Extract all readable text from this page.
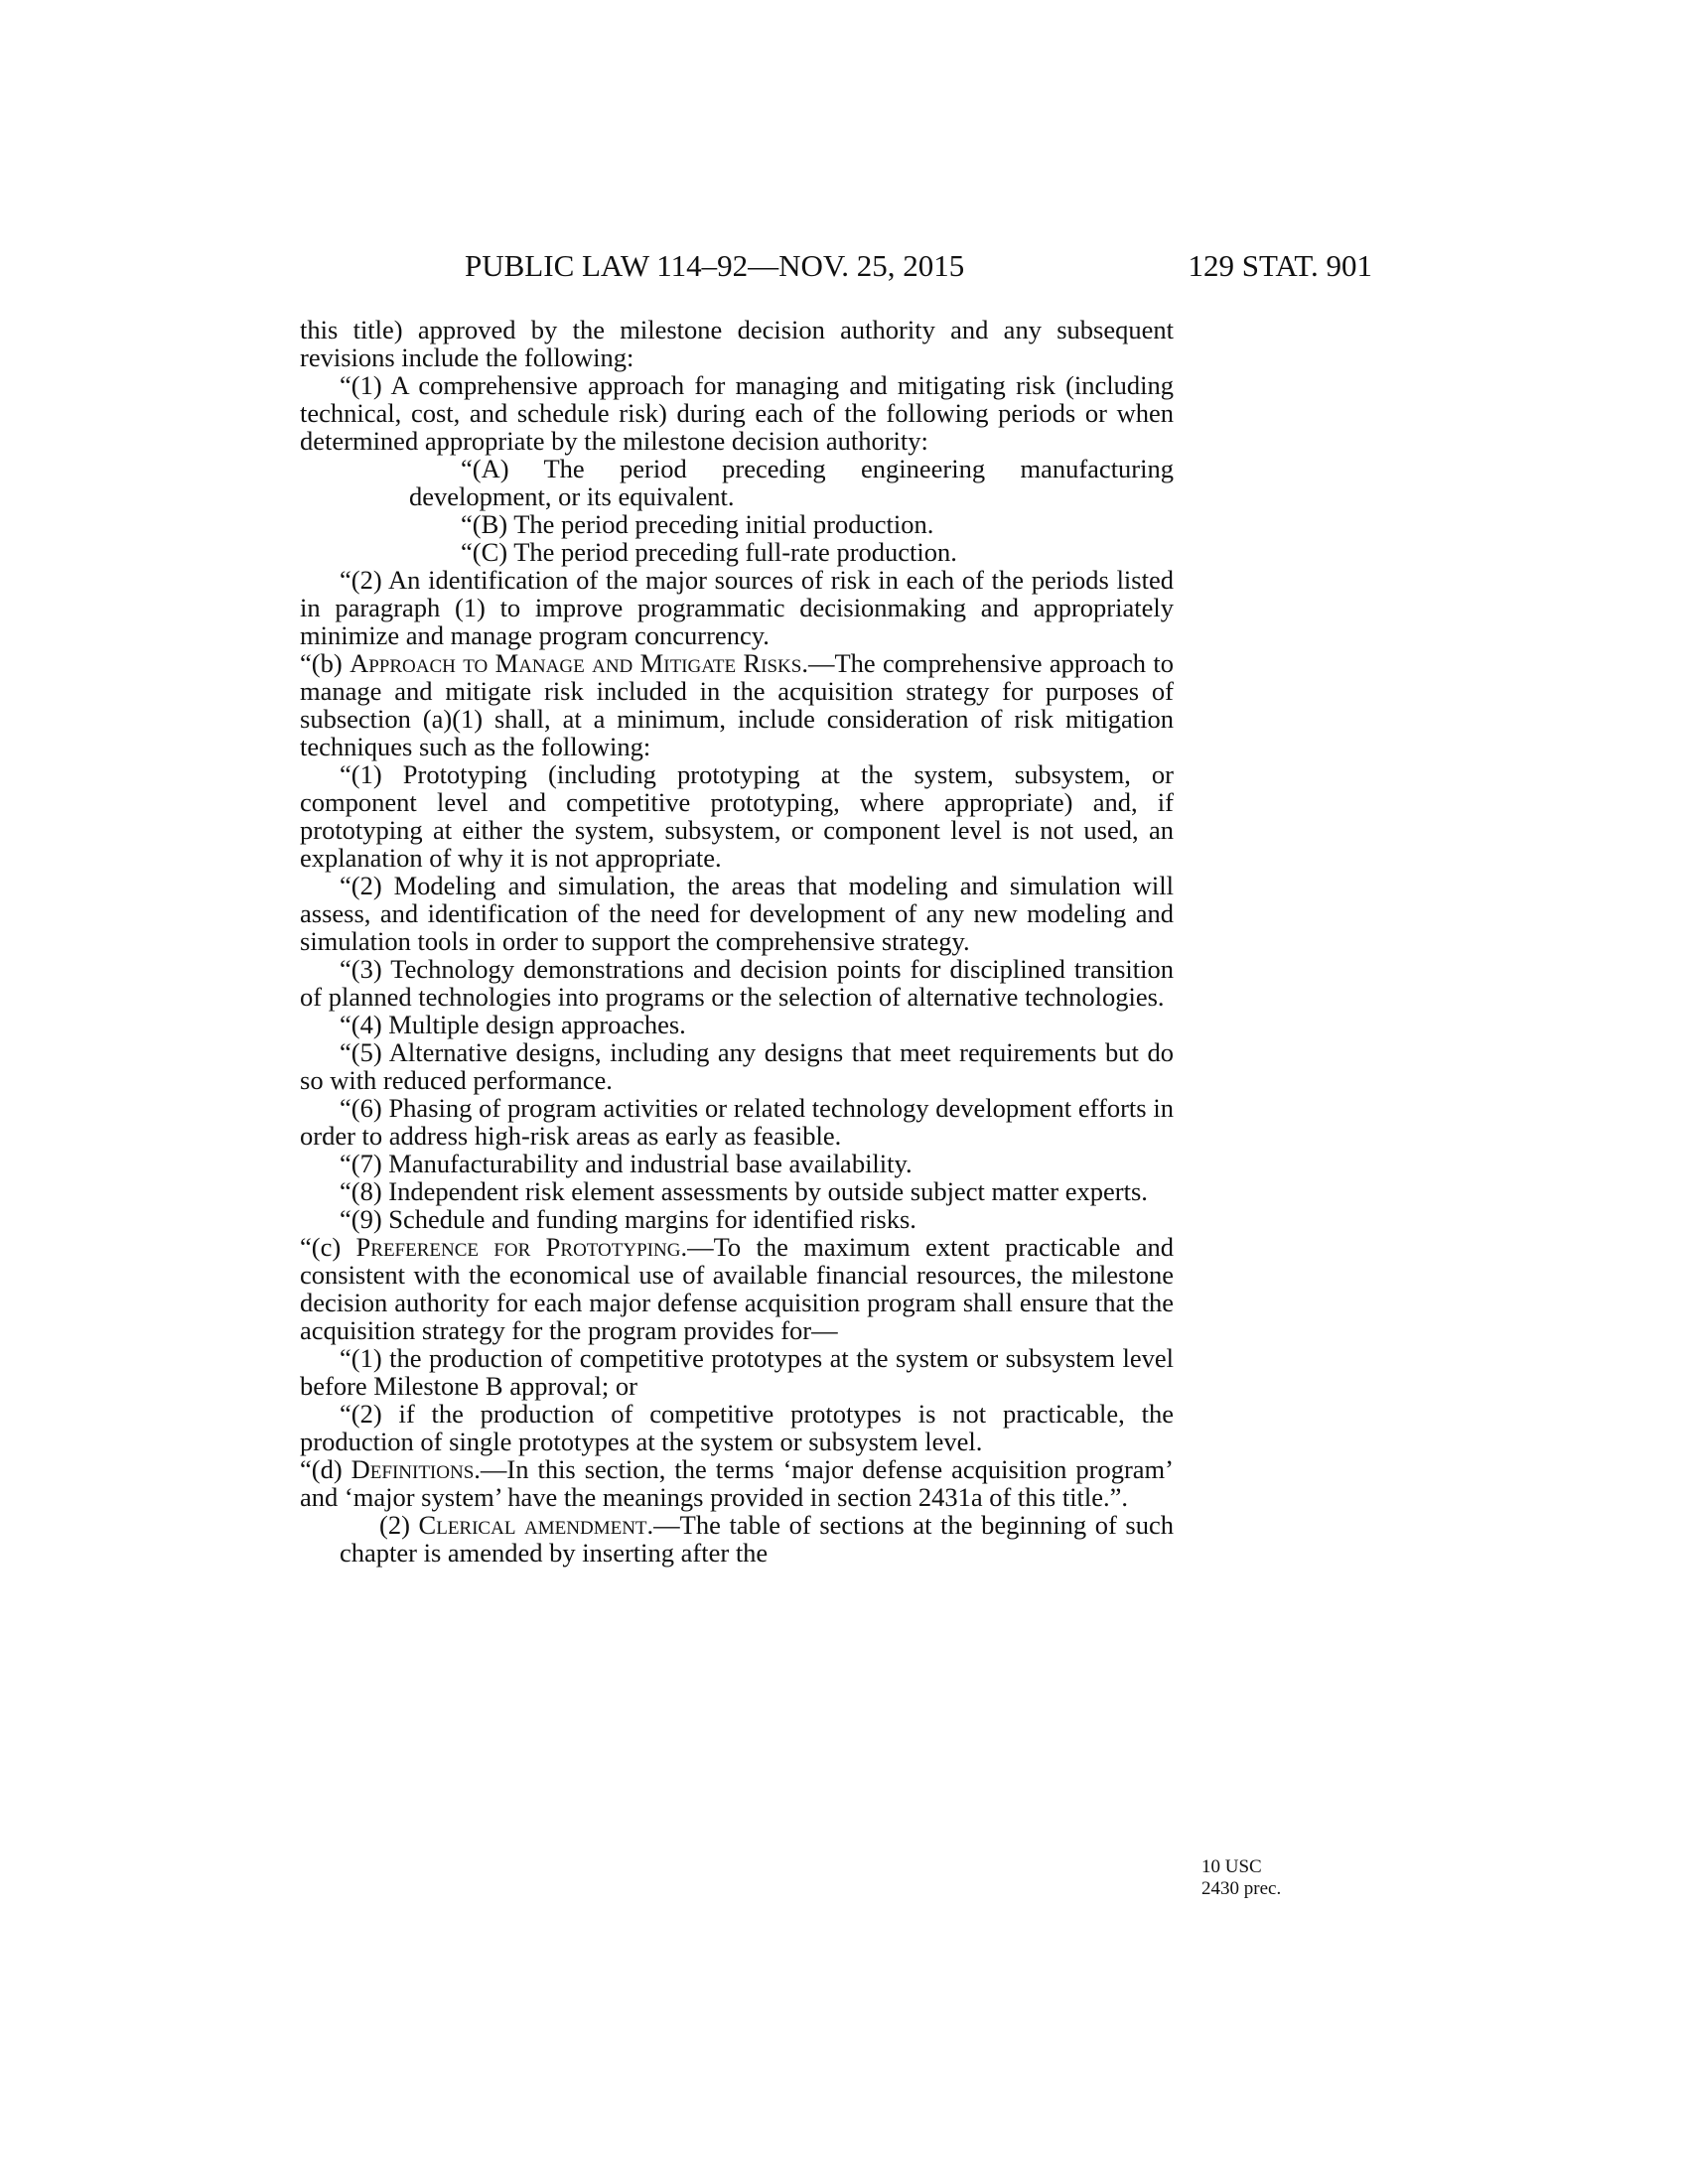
PUBLIC LAW 114–92—NOV. 25, 2015	129 STAT. 901

this title) approved by the milestone decision authority and any subsequent revisions include the following:

“(1) A comprehensive approach for managing and mitigating risk (including technical, cost, and schedule risk) during each of the following periods or when determined appropriate by the milestone decision authority:

“(A) The period preceding engineering manufacturing development, or its equivalent.

“(B) The period preceding initial production.

“(C) The period preceding full-rate production.

“(2) An identification of the major sources of risk in each of the periods listed in paragraph (1) to improve programmatic decisionmaking and appropriately minimize and manage program concurrency.

“(b) Approach to Manage and Mitigate Risks.—The comprehensive approach to manage and mitigate risk included in the acquisition strategy for purposes of subsection (a)(1) shall, at a minimum, include consideration of risk mitigation techniques such as the following:

“(1) Prototyping (including prototyping at the system, subsystem, or component level and competitive prototyping, where appropriate) and, if prototyping at either the system, subsystem, or component level is not used, an explanation of why it is not appropriate.

“(2) Modeling and simulation, the areas that modeling and simulation will assess, and identification of the need for development of any new modeling and simulation tools in order to support the comprehensive strategy.

“(3) Technology demonstrations and decision points for disciplined transition of planned technologies into programs or the selection of alternative technologies.

“(4) Multiple design approaches.

“(5) Alternative designs, including any designs that meet requirements but do so with reduced performance.

“(6) Phasing of program activities or related technology development efforts in order to address high-risk areas as early as feasible.

“(7) Manufacturability and industrial base availability.

“(8) Independent risk element assessments by outside subject matter experts.

“(9) Schedule and funding margins for identified risks.

“(c) Preference for Prototyping.—To the maximum extent practicable and consistent with the economical use of available financial resources, the milestone decision authority for each major defense acquisition program shall ensure that the acquisition strategy for the program provides for—

“(1) the production of competitive prototypes at the system or subsystem level before Milestone B approval; or

“(2) if the production of competitive prototypes is not practicable, the production of single prototypes at the system or subsystem level.

“(d) Definitions.—In this section, the terms ‘major defense acquisition program’ and ‘major system’ have the meanings provided in section 2431a of this title.”.

(2) Clerical amendment.—The table of sections at the beginning of such chapter is amended by inserting after the

10 USC
2430 prec.
